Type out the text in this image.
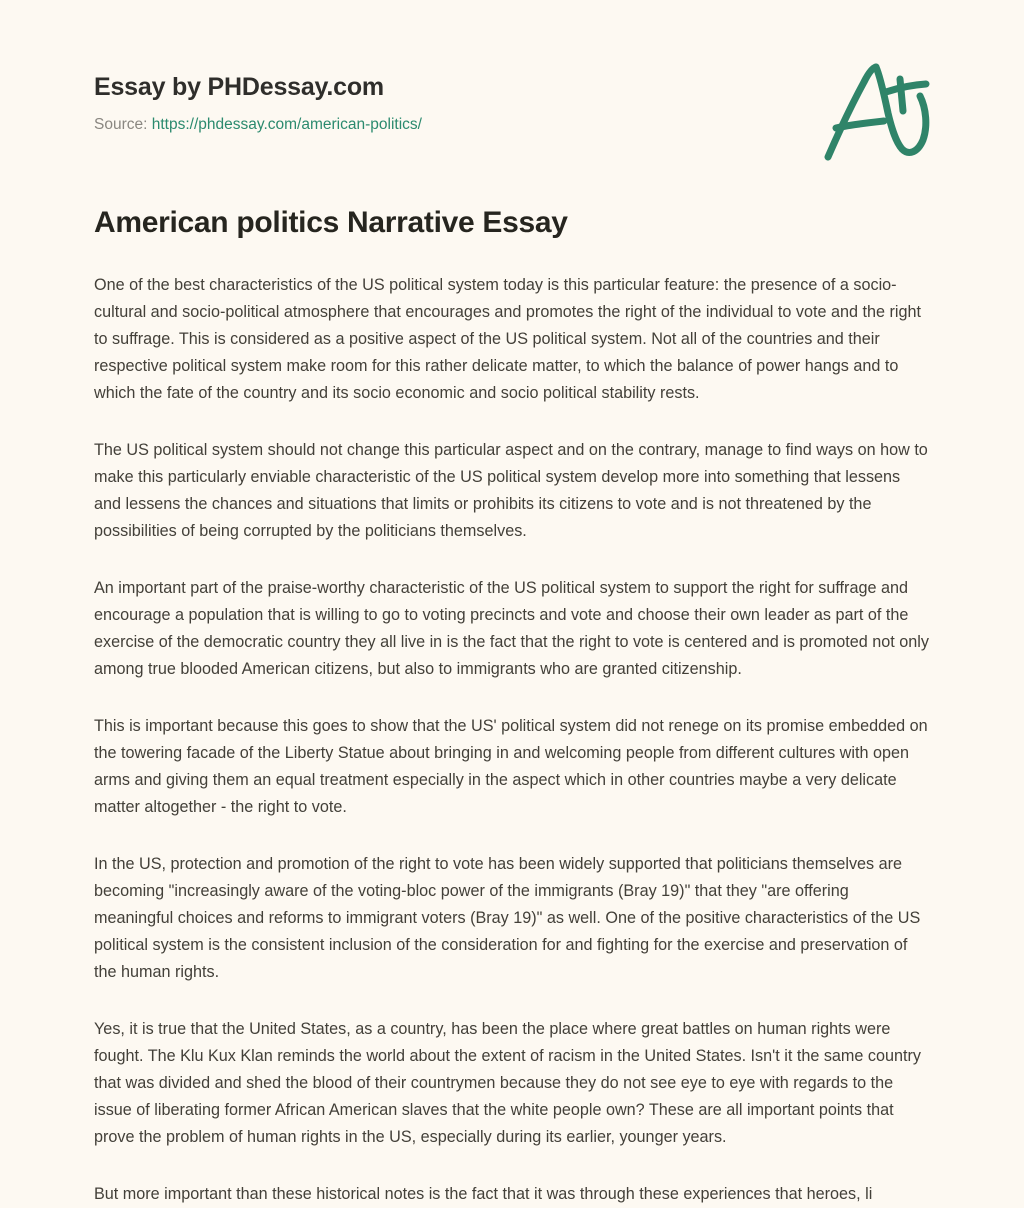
Essay by PHDessay.com
Source: https://phdessay.com/american-politics/
American politics Narrative Essay

One of the best characteristics of the US political system today is this particular feature: the presence of a socio-cultural and socio-political atmosphere that encourages and promotes the right of the individual to vote and the right to suffrage. This is considered as a positive aspect of the US political system. Not all of the countries and their respective political system make room for this rather delicate matter, to which the balance of power hangs and to which the fate of the country and its socio economic and socio political stability rests.

The US political system should not change this particular aspect and on the contrary, manage to find ways on how to make this particularly enviable characteristic of the US political system develop more into something that lessens and lessens the chances and situations that limits or prohibits its citizens to vote and is not threatened by the possibilities of being corrupted by the politicians themselves.

An important part of the praise-worthy characteristic of the US political system to support the right for suffrage and encourage a population that is willing to go to voting precincts and vote and choose their own leader as part of the exercise of the democratic country they all live in is the fact that the right to vote is centered and is promoted not only among true blooded American citizens, but also to immigrants who are granted citizenship.

This is important because this goes to show that the US' political system did not renege on its promise embedded on the towering facade of the Liberty Statue about bringing in and welcoming people from different cultures with open arms and giving them an equal treatment especially in the aspect which in other countries maybe a very delicate matter altogether - the right to vote.

In the US, protection and promotion of the right to vote has been widely supported that politicians themselves are becoming "increasingly aware of the voting-bloc power of the immigrants (Bray 19)" that they "are offering meaningful choices and reforms to immigrant voters (Bray 19)" as well. One of the positive characteristics of the US political system is the consistent inclusion of the consideration for and fighting for the exercise and preservation of the human rights.

Yes, it is true that the United States, as a country, has been the place where great battles on human rights were fought. The Klu Kux Klan reminds the world about the extent of racism in the United States. Isn't it the same country that was divided and shed the blood of their countrymen because they do not see eye to eye with regards to the issue of liberating former African American slaves that the white people own? These are all important points that prove the problem of human rights in the US, especially during its earlier, younger years.

But more important than these historical notes is the fact that it was through these experiences that heroes, li
